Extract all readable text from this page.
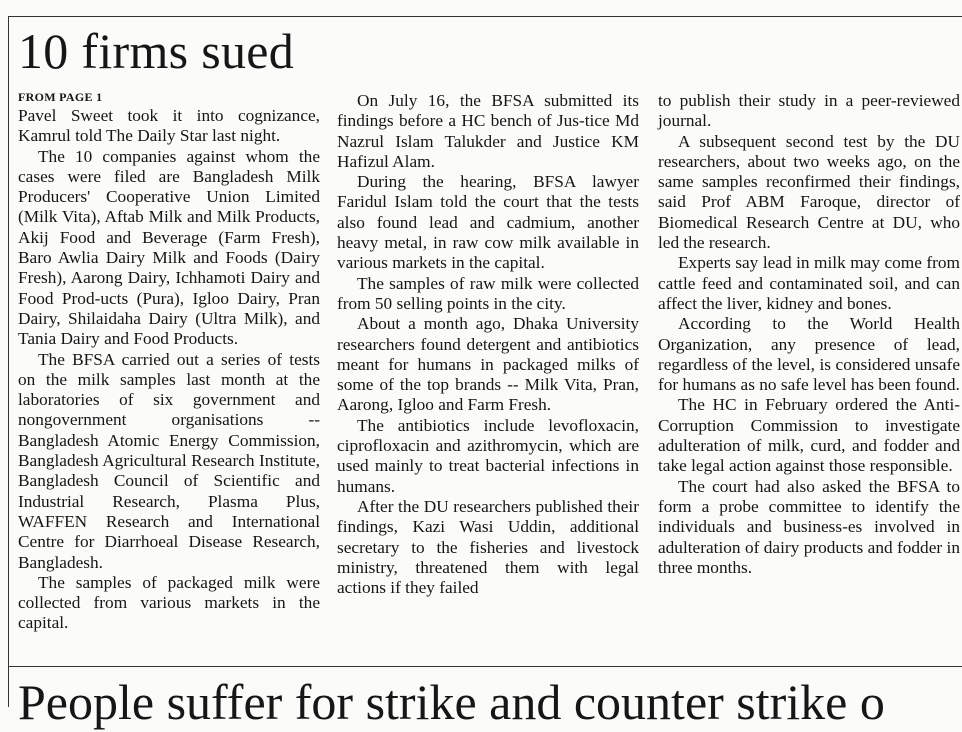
10 firms sued
FROM PAGE 1

Pavel Sweet took it into cognizance, Kamrul told The Daily Star last night.

The 10 companies against whom the cases were filed are Bangladesh Milk Producers' Cooperative Union Limited (Milk Vita), Aftab Milk and Milk Products, Akij Food and Beverage (Farm Fresh), Baro Awlia Dairy Milk and Foods (Dairy Fresh), Aarong Dairy, Ichhamoti Dairy and Food Prod-ucts (Pura), Igloo Dairy, Pran Dairy, Shilaidaha Dairy (Ultra Milk), and Tania Dairy and Food Products.

The BFSA carried out a series of tests on the milk samples last month at the laboratories of six government and nongovernment organisations -- Bangladesh Atomic Energy Commission, Bangladesh Agricultural Research Institute, Bangladesh Council of Scientific and Industrial Research, Plasma Plus, WAFFEN Research and International Centre for Diarrhoeal Disease Research, Bangladesh.

The samples of packaged milk were collected from various markets in the capital.

On July 16, the BFSA submitted its findings before a HC bench of Jus-tice Md Nazrul Islam Talukder and Justice KM Hafizul Alam.

During the hearing, BFSA lawyer Faridul Islam told the court that the tests also found lead and cadmium, another heavy metal, in raw cow milk available in various markets in the capital.

The samples of raw milk were collected from 50 selling points in the city.

About a month ago, Dhaka University researchers found detergent and antibiotics meant for humans in packaged milks of some of the top brands -- Milk Vita, Pran, Aarong, Igloo and Farm Fresh.

The antibiotics include levofloxacin, ciprofloxacin and azithromycin, which are used mainly to treat bacterial infections in humans.

After the DU researchers published their findings, Kazi Wasi Uddin, additional secretary to the fisheries and livestock ministry, threatened them with legal actions if they failed

to publish their study in a peer-reviewed journal.

A subsequent second test by the DU researchers, about two weeks ago, on the same samples reconfirmed their findings, said Prof ABM Faroque, director of Biomedical Research Centre at DU, who led the research.

Experts say lead in milk may come from cattle feed and contaminated soil, and can affect the liver, kidney and bones.

According to the World Health Organization, any presence of lead, regardless of the level, is considered unsafe for humans as no safe level has been found.

The HC in February ordered the Anti-Corruption Commission to investigate adulteration of milk, curd, and fodder and take legal action against those responsible.

The court had also asked the BFSA to form a probe committee to identify the individuals and business-es involved in adulteration of dairy products and fodder in three months.

People suffer for strike and counter strike o
